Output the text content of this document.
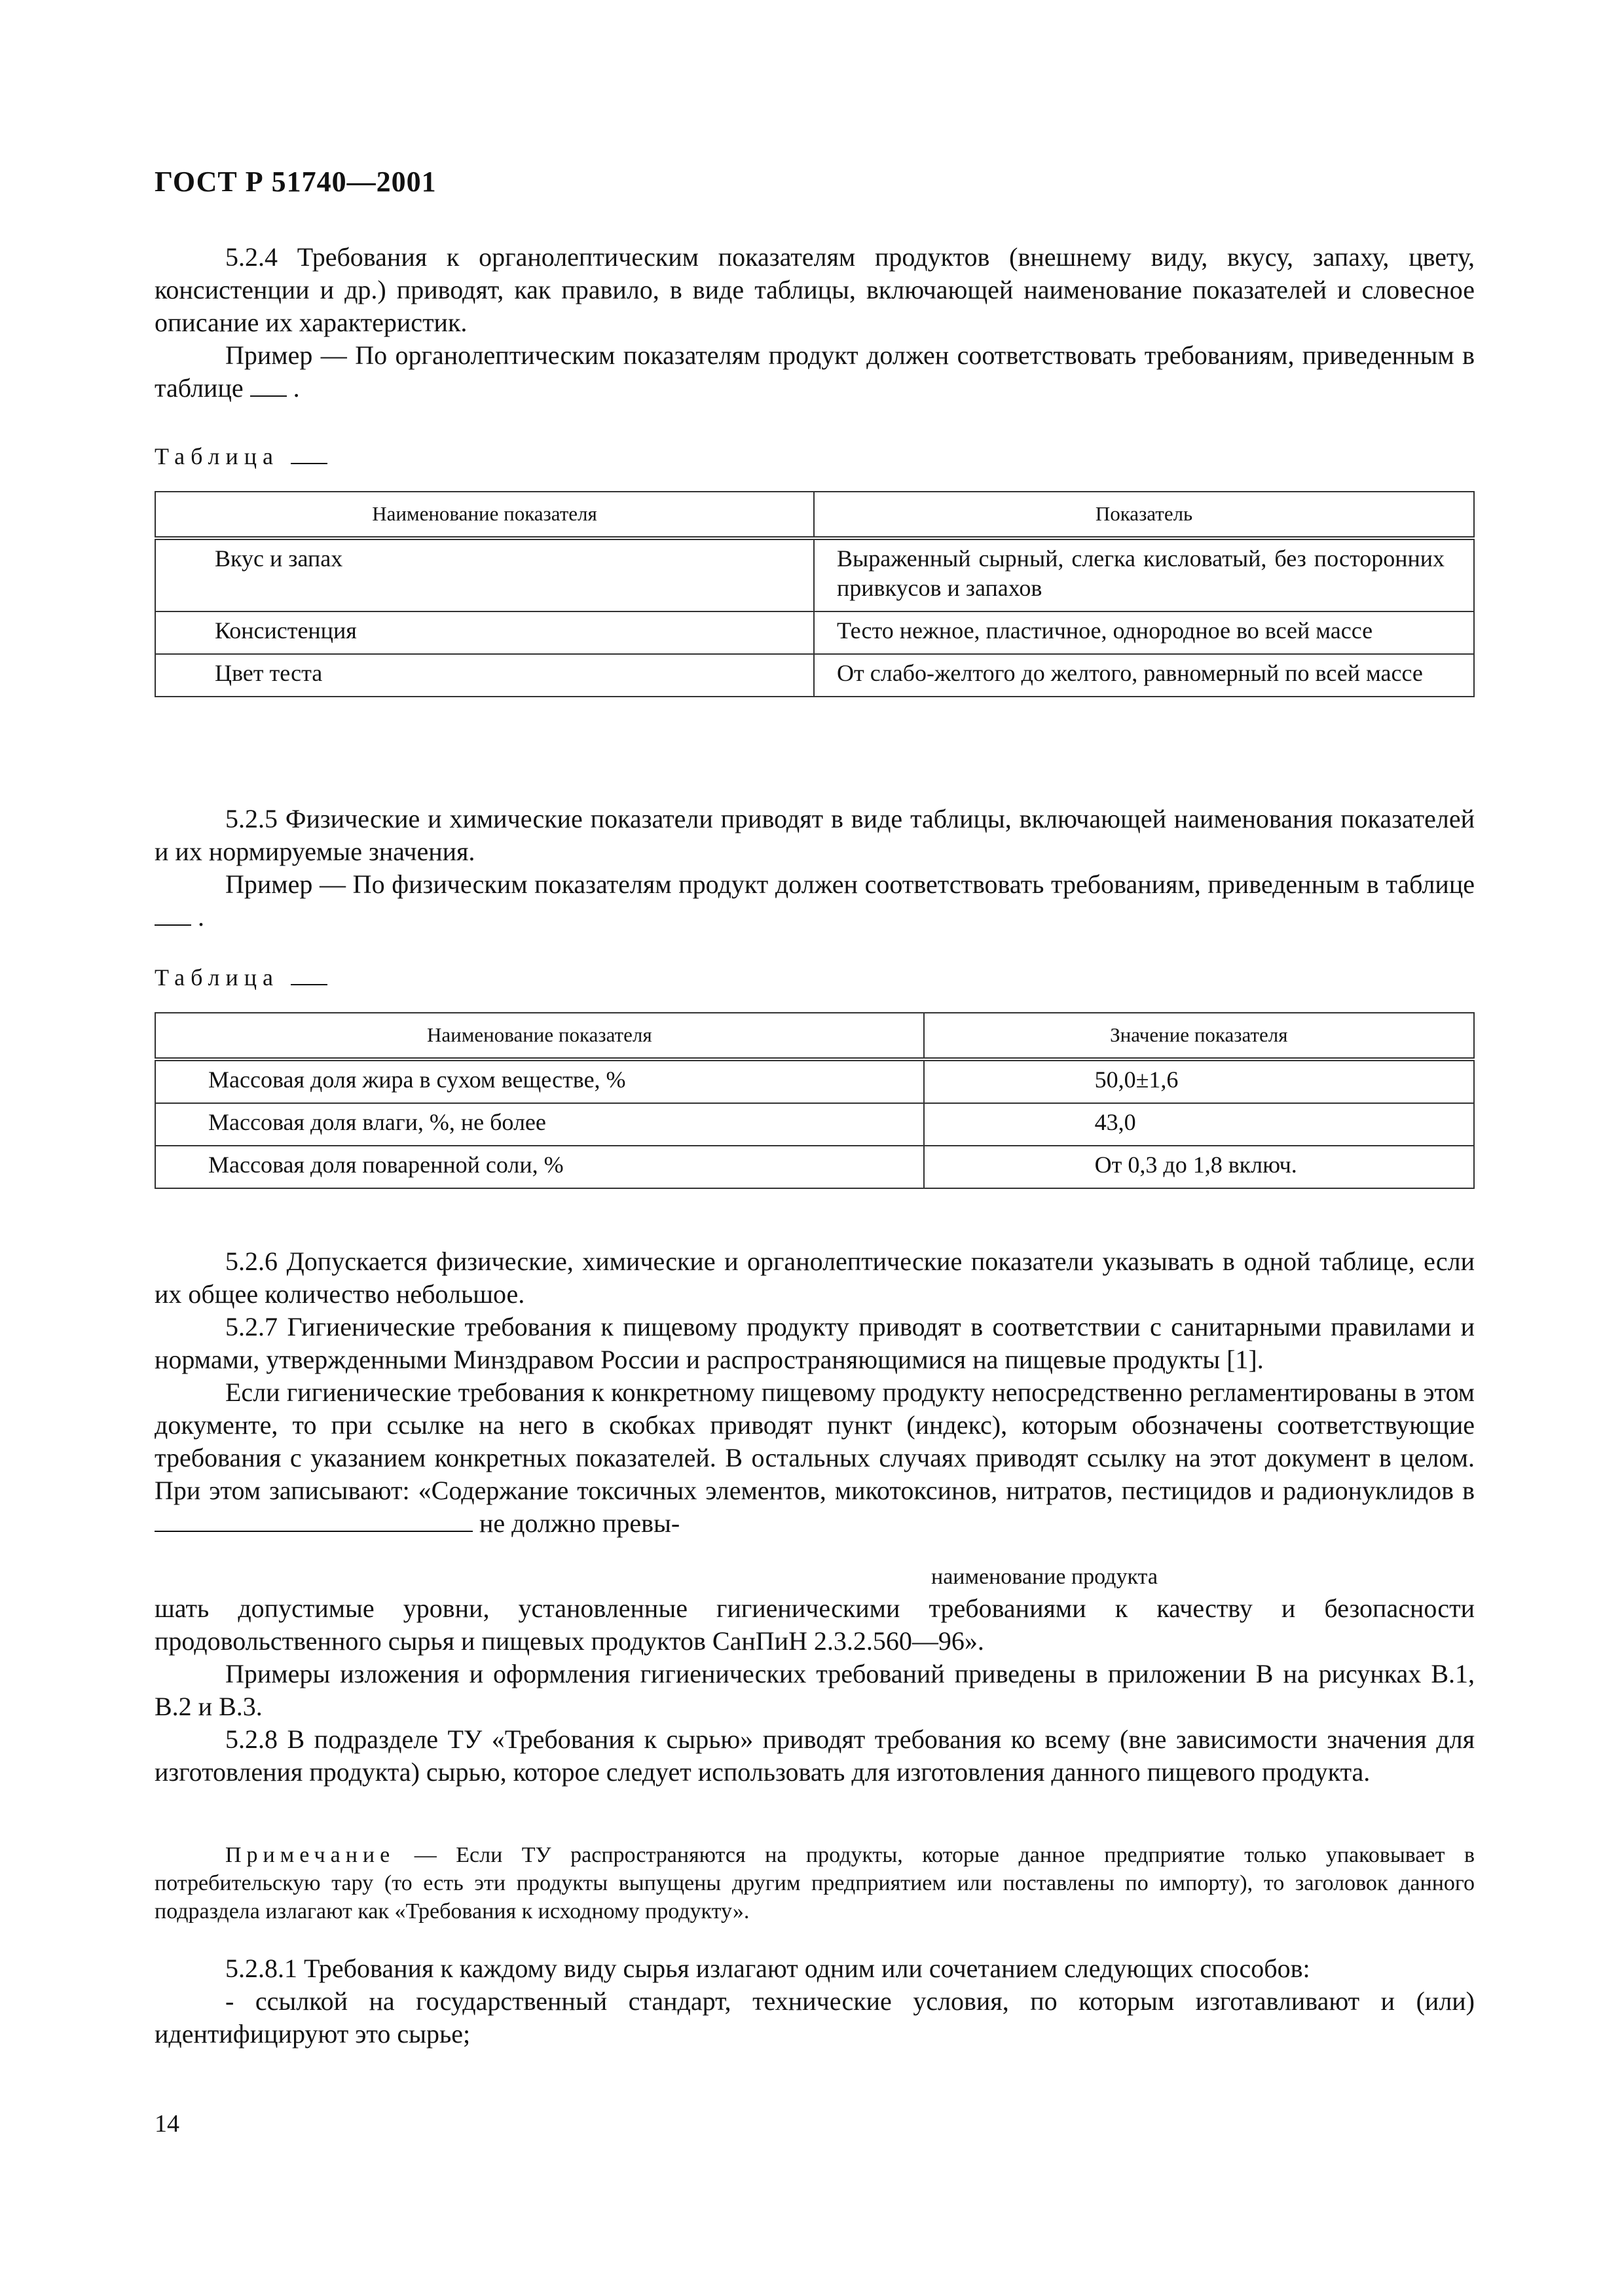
ГОСТ Р 51740—2001

5.2.4 Требования к органолептическим показателям продуктов (внешнему виду, вкусу, запаху, цвету, консистенции и др.) приводят, как правило, в виде таблицы, включающей наименование показателей и словесное описание их характеристик.

Пример — По органолептическим показателям продукт должен соответствовать требованиям, приведенным в таблице .

Таблица
Наименование показателя	Показатель
Вкус и запах	Выраженный сырный, слегка кисловатый, без посторонних привкусов и запахов
Консистенция	Тесто нежное, пластичное, однородное во всей массе
Цвет теста	От слабо-желтого до желтого, равномерный по всей массе

5.2.5 Физические и химические показатели приводят в виде таблицы, включающей наименования показателей и их нормируемые значения.

Пример — По физическим показателям продукт должен соответствовать требованиям, приведенным в таблице  .

Таблица
Наименование показателя	Значение показателя
Массовая доля жира в сухом веществе, %	50,0±1,6
Массовая доля влаги, %, не более	43,0
Массовая доля поваренной соли, %	От 0,3 до 1,8 включ.

5.2.6 Допускается физические, химические и органолептические показатели указывать в одной таблице, если их общее количество небольшое.

5.2.7 Гигиенические требования к пищевому продукту приводят в соответствии с санитарными правилами и нормами, утвержденными Минздравом России и распространяющимися на пищевые продукты [1].

Если гигиенические требования к конкретному пищевому продукту непосредственно регламентированы в этом документе, то при ссылке на него в скобках приводят пункт (индекс), которым обозначены соответствующие требования с указанием конкретных показателей. В остальных случаях приводят ссылку на этот документ в целом. При этом записывают: «Содержание токсичных элементов, микотоксинов, нитратов, пестицидов и радионуклидов в  не должно превы-

наименование продукта

шать допустимые уровни, установленные гигиеническими требованиями к качеству и безопасности продовольственного сырья и пищевых продуктов СанПиН 2.3.2.560—96».

Примеры изложения и оформления гигиенических требований приведены в приложении В на рисунках В.1, В.2 и В.3.

5.2.8 В подразделе ТУ «Требования к сырью» приводят требования ко всему (вне зависимости значения для изготовления продукта) сырью, которое следует использовать для изготовления данного пищевого продукта.

Примечание — Если ТУ распространяются на продукты, которые данное предприятие только упаковывает в потребительскую тару (то есть эти продукты выпущены другим предприятием или поставлены по импорту), то заголовок данного подраздела излагают как «Требования к исходному продукту».

5.2.8.1 Требования к каждому виду сырья излагают одним или сочетанием следующих способов:

- ссылкой на государственный стандарт, технические условия, по которым изготавливают и (или) идентифицируют это сырье;

14
